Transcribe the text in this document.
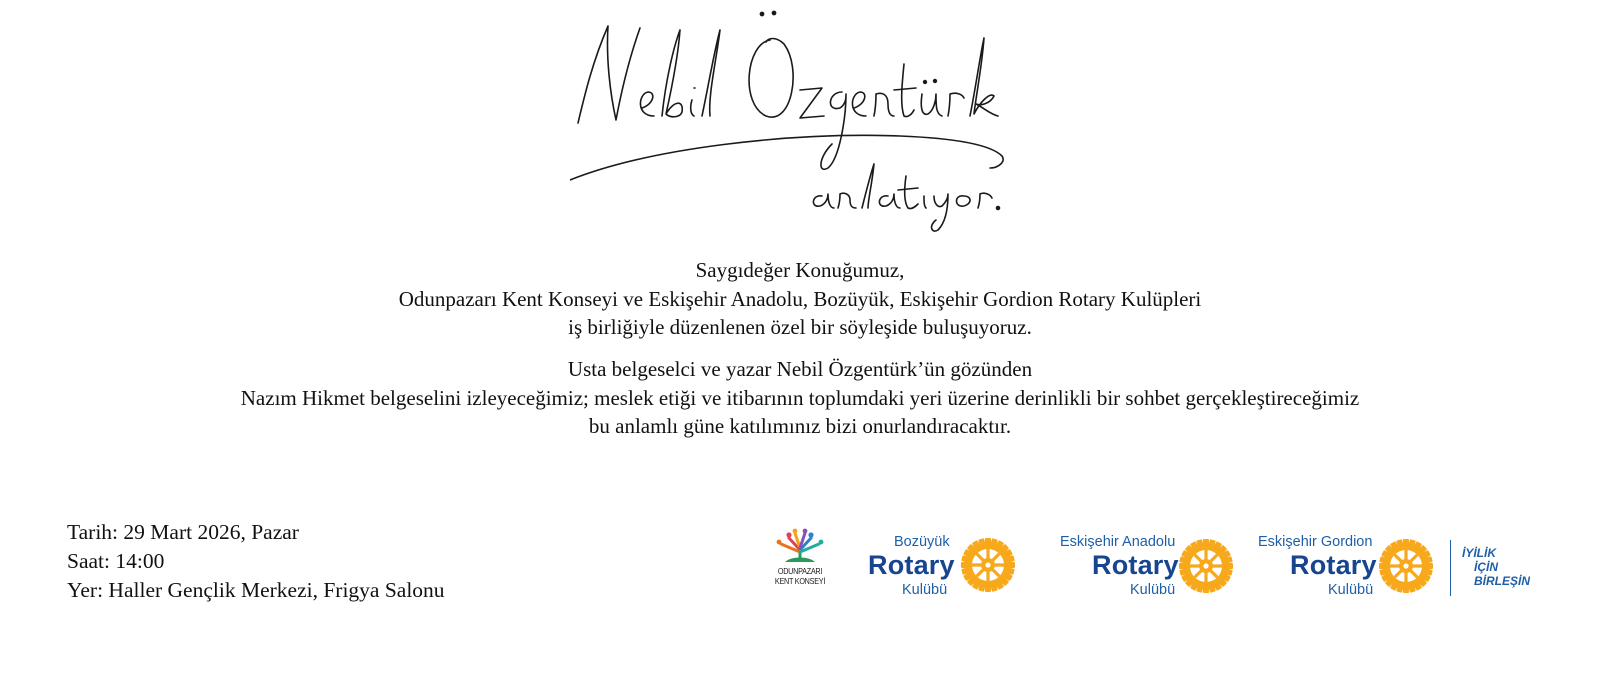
Saygıdeğer Konuğumuz,
Odunpazarı Kent Konseyi ve Eskişehir Anadolu, Bozüyük, Eskişehir Gordion Rotary Kulüpleri
iş birliğiyle düzenlenen özel bir söyleşide buluşuyoruz.
Usta belgeselci ve yazar Nebil Özgentürk’ün gözünden
Nazım Hikmet belgeselini izleyeceğimiz; meslek etiği ve itibarının toplumdaki yeri üzerine derinlikli bir sohbet gerçekleştireceğimiz
bu anlamlı güne katılımınız bizi onurlandıracaktır.
Tarih: 29 Mart 2026, Pazar
Saat: 14:00
Yer: Haller Gençlik Merkezi, Frigya Salonu
ODUNPAZARI
KENT KONSEYİ
Bozüyük
Rotary
Kulübü
Eskişehir Anadolu
Rotary
Kulübü
Eskişehir Gordion
Rotary
Kulübü
İYİLİK
İÇİN
BİRLEŞİN
